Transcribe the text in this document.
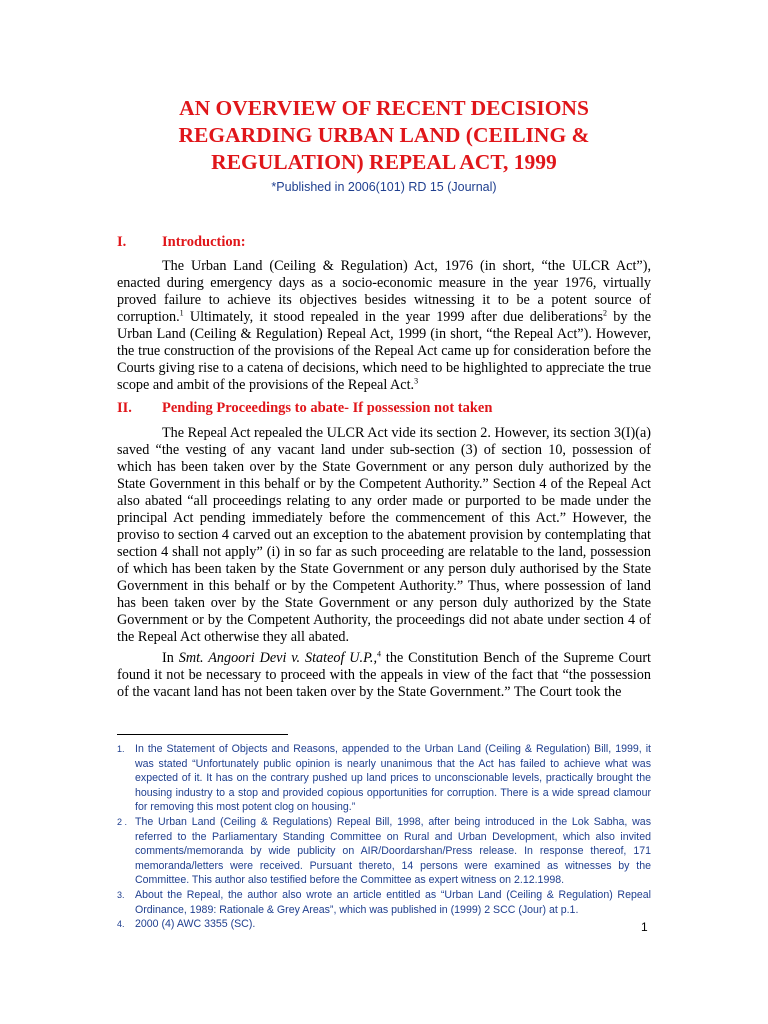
AN OVERVIEW OF RECENT DECISIONS
REGARDING URBAN LAND (CEILING &
REGULATION) REPEAL ACT, 1999

*Published in 2006(101) RD 15 (Journal)

I. Introduction:

The Urban Land (Ceiling & Regulation) Act, 1976 (in short, “the ULCR Act”), enacted during emergency days as a socio-economic measure in the year 1976, virtually proved failure to achieve its objectives besides witnessing it to be a potent source of corruption.$^1$ Ultimately, it stood repealed in the year 1999 after due deliberations$^2$ by the Urban Land (Ceiling & Regulation) Repeal Act, 1999 (in short, “the Repeal Act”). However, the true construction of the provisions of the Repeal Act came up for consideration before the Courts giving rise to a catena of decisions, which need to be highlighted to appreciate the true scope and ambit of the provisions of the Repeal Act.$^3$

II. Pending Proceedings to abate- If possession not taken

The Repeal Act repealed the ULCR Act vide its section 2. However, its section 3(I)(a) saved “the vesting of any vacant land under sub-section (3) of section 10, possession of which has been taken over by the State Government or any person duly authorized by the State Government in this behalf or by the Competent Authority.” Section 4 of the Repeal Act also abated “all proceedings relating to any order made or purported to be made under the principal Act pending immediately before the commencement of this Act.” However, the proviso to section 4 carved out an exception to the abatement provision by contemplating that section 4 shall not apply” (i) in so far as such proceeding are relatable to the land, possession of which has been taken by the State Government or any person duly authorised by the State Government in this behalf or by the Competent Authority.” Thus, where possession of land has been taken over by the State Government or any person duly authorized by the State Government or by the Competent Authority, the proceedings did not abate under section 4 of the Repeal Act otherwise they all abated.

In Smt. Angoori Devi v. Stateof U.P.,$^4$ the Constitution Bench of the Supreme Court found it not be necessary to proceed with the appeals in view of the fact that “the possession of the vacant land has not been taken over by the State Government.” The Court took the

1. In the Statement of Objects and Reasons, appended to the Urban Land (Ceiling & Regulation) Bill, 1999, it was stated “Unfortunately public opinion is nearly unanimous that the Act has failed to achieve what was expected of it. It has on the contrary pushed up land prices to unconscionable levels, practically brought the housing industry to a stop and provided copious opportunities for corruption. There is a wide spread clamour for removing this most potent clog on housing.”
2 . The Urban Land (Ceiling & Regulations) Repeal Bill, 1998, after being introduced in the Lok Sabha, was referred to the Parliamentary Standing Committee on Rural and Urban Development, which also invited comments/memoranda by wide publicity on AIR/Doordarshan/Press release. In response thereof, 171 memoranda/letters were received. Pursuant thereto, 14 persons were examined as witnesses by the Committee. This author also testified before the Committee as expert witness on 2.12.1998.
3. About the Repeal, the author also wrote an article entitled as “Urban Land (Ceiling & Regulation) Repeal Ordinance, 1989: Rationale & Grey Areas”, which was published in (1999) 2 SCC (Jour) at p.1.
4. 2000 (4) AWC 3355 (SC).	1
